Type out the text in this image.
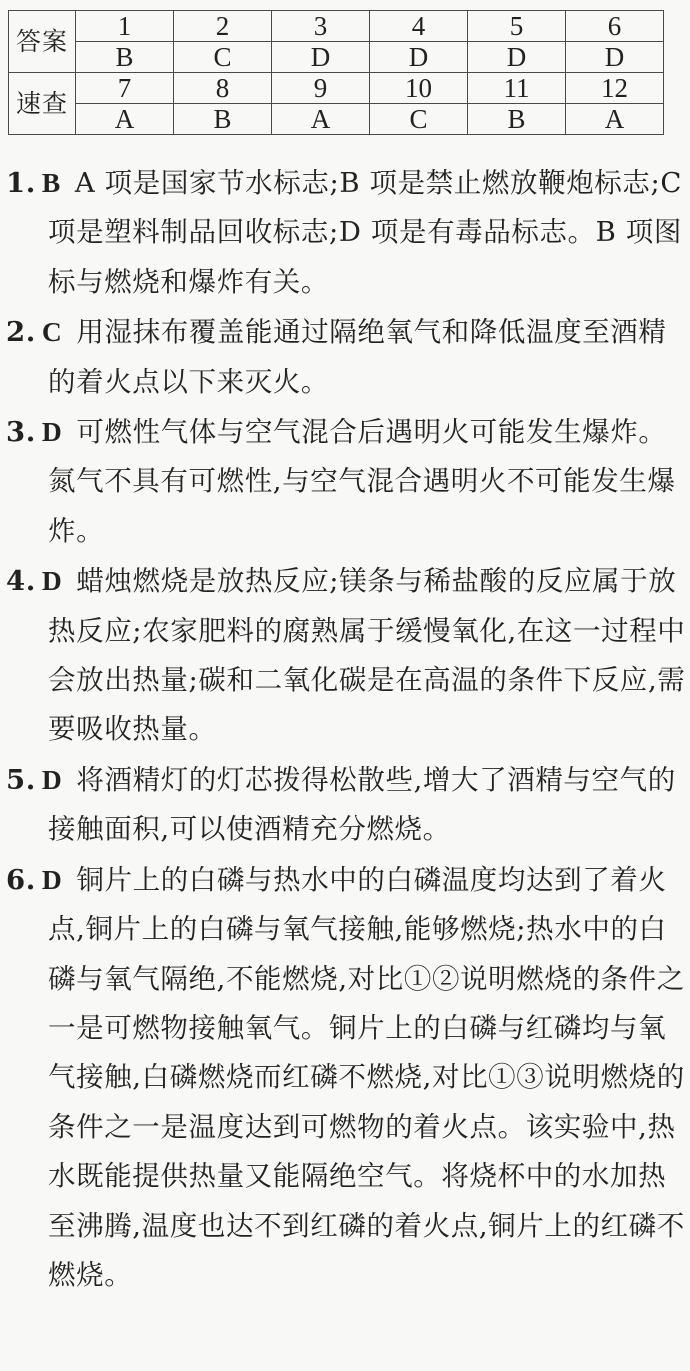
答案	1	2	3	4	5	6
	B	C	D	D	D	D
速查	7	8	9	10	11	12
	A	B	A	C	B	A

1. B A 项是国家节水标志;B 项是禁止燃放鞭炮标志;C 项是塑料制品回收标志;D 项是有毒品标志。B 项图标与燃烧和爆炸有关。

2. C 用湿抹布覆盖能通过隔绝氧气和降低温度至酒精的着火点以下来灭火。

3. D 可燃性气体与空气混合后遇明火可能发生爆炸。氮气不具有可燃性,与空气混合遇明火不可能发生爆炸。

4. D 蜡烛燃烧是放热反应;镁条与稀盐酸的反应属于放热反应;农家肥料的腐熟属于缓慢氧化,在这一过程中会放出热量;碳和二氧化碳是在高温的条件下反应,需要吸收热量。

5. D 将酒精灯的灯芯拨得松散些,增大了酒精与空气的接触面积,可以使酒精充分燃烧。

6. D 铜片上的白磷与热水中的白磷温度均达到了着火点,铜片上的白磷与氧气接触,能够燃烧;热水中的白磷与氧气隔绝,不能燃烧,对比①②说明燃烧的条件之一是可燃物接触氧气。铜片上的白磷与红磷均与氧气接触,白磷燃烧而红磷不燃烧,对比①③说明燃烧的条件之一是温度达到可燃物的着火点。该实验中,热水既能提供热量又能隔绝空气。将烧杯中的水加热至沸腾,温度也达不到红磷的着火点,铜片上的红磷不燃烧。
